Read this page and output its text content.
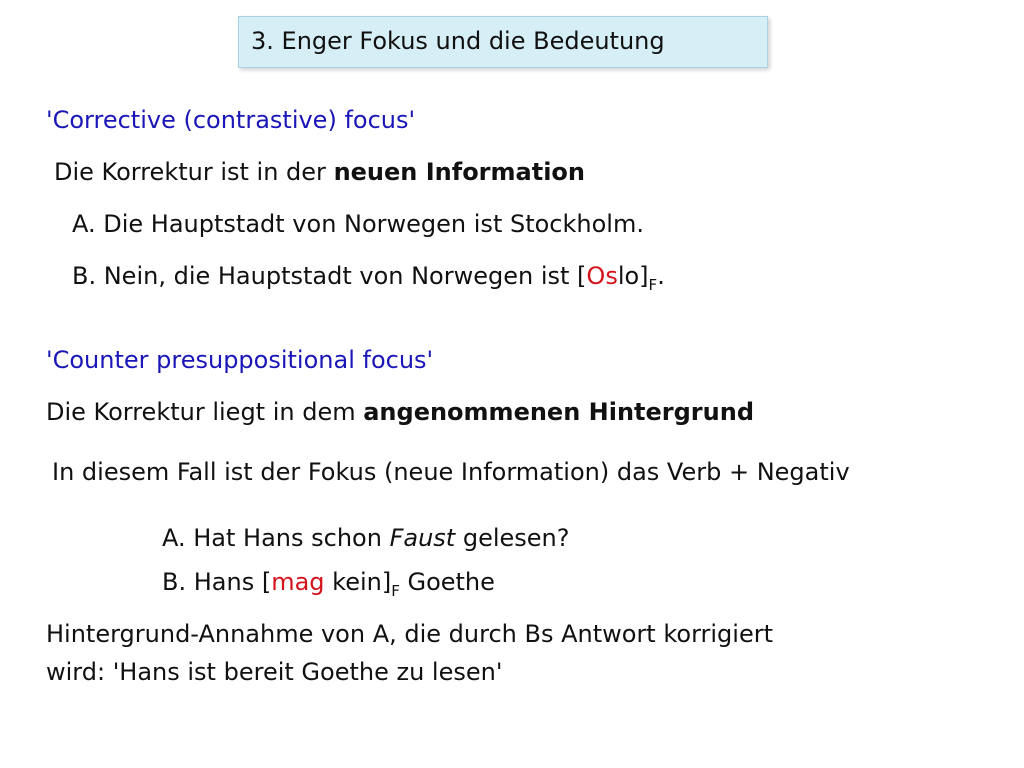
3. Enger Fokus und die Bedeutung
'Corrective (contrastive) focus'
Die Korrektur ist in der neuen Information
A. Die Hauptstadt von Norwegen ist Stockholm.
B. Nein, die Hauptstadt von Norwegen ist $[Oslo]_F$.
'Counter presuppositional focus'
Die Korrektur liegt in dem angenommenen Hintergrund
In diesem Fall ist der Fokus (neue Information) das Verb + Negativ
A. Hat Hans schon Faust gelesen?
B. Hans [mag $kein]_F$ Goethe
Hintergrund-Annahme von A, die durch Bs Antwort korrigiert
wird: 'Hans ist bereit Goethe zu lesen'
